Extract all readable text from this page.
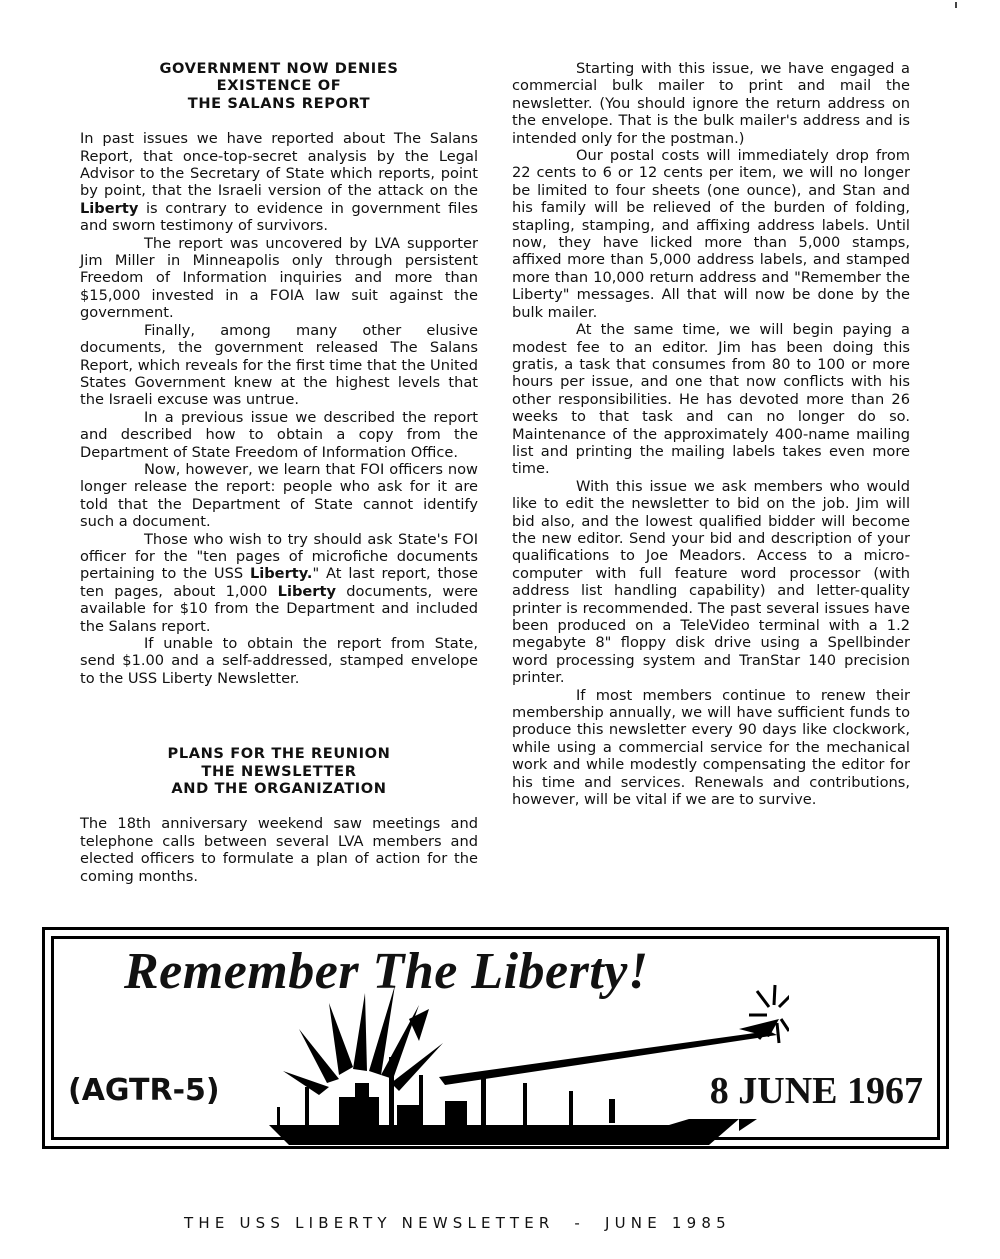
GOVERNMENT NOW DENIES
EXISTENCE OF
THE SALANS REPORT

In past issues we have reported about The Salans Report, that once-top-secret analysis by the Legal Advisor to the Secretary of State which reports, point by point, that the Israeli version of the attack on the Liberty is contrary to evidence in government files and sworn testimony of survivors.

The report was uncovered by LVA supporter Jim Miller in Minneapolis only through persistent Freedom of Information inquiries and more than $15,000 invested in a FOIA law suit against the government.

Finally, among many other elusive documents, the government released The Salans Report, which reveals for the first time that the United States Government knew at the highest levels that the Israeli excuse was untrue.

In a previous issue we described the report and described how to obtain a copy from the Department of State Freedom of Information Office.

Now, however, we learn that FOI officers now longer release the report: people who ask for it are told that the Department of State cannot identify such a document.

Those who wish to try should ask State's FOI officer for the "ten pages of microfiche documents pertaining to the USS Liberty." At last report, those ten pages, about 1,000 Liberty documents, were available for $10 from the Department and included the Salans report.

If unable to obtain the report from State, send $1.00 and a self-addressed, stamped envelope to the USS Liberty Newsletter.

PLANS FOR THE REUNION
THE NEWSLETTER
AND THE ORGANIZATION

The 18th anniversary weekend saw meetings and telephone calls between several LVA members and elected officers to formulate a plan of action for the coming months.

Starting with this issue, we have engaged a commercial bulk mailer to print and mail the newsletter. (You should ignore the return address on the envelope. That is the bulk mailer's address and is intended only for the postman.)

Our postal costs will immediately drop from 22 cents to 6 or 12 cents per item, we will no longer be limited to four sheets (one ounce), and Stan and his family will be relieved of the burden of folding, stapling, stamping, and affixing address labels. Until now, they have licked more than 5,000 stamps, affixed more than 5,000 address labels, and stamped more than 10,000 return address and "Remember the Liberty" messages. All that will now be done by the bulk mailer.

At the same time, we will begin paying a modest fee to an editor. Jim has been doing this gratis, a task that consumes from 80 to 100 or more hours per issue, and one that now conflicts with his other responsibilities. He has devoted more than 26 weeks to that task and can no longer do so. Maintenance of the approximately 400-name mailing list and printing the mailing labels takes even more time.

With this issue we ask members who would like to edit the newsletter to bid on the job. Jim will bid also, and the lowest qualified bidder will become the new editor. Send your bid and description of your qualifications to Joe Meadors. Access to a micro-computer with full feature word processor (with address list handling capability) and letter-quality printer is recommended. The past several issues have been produced on a TeleVideo terminal with a 1.2 megabyte 8" floppy disk drive using a Spellbinder word processing system and TranStar 140 precision printer.

If most members continue to renew their membership annually, we will have sufficient funds to produce this newsletter every 90 days like clockwork, while using a commercial service for the mechanical work and while modestly compensating the editor for his time and services. Renewals and contributions, however, will be vital if we are to survive.

Remember The Liberty!
(AGTR-5)	8 JUNE 1967
THE USS LIBERTY NEWSLETTER  -  JUNE 1985
